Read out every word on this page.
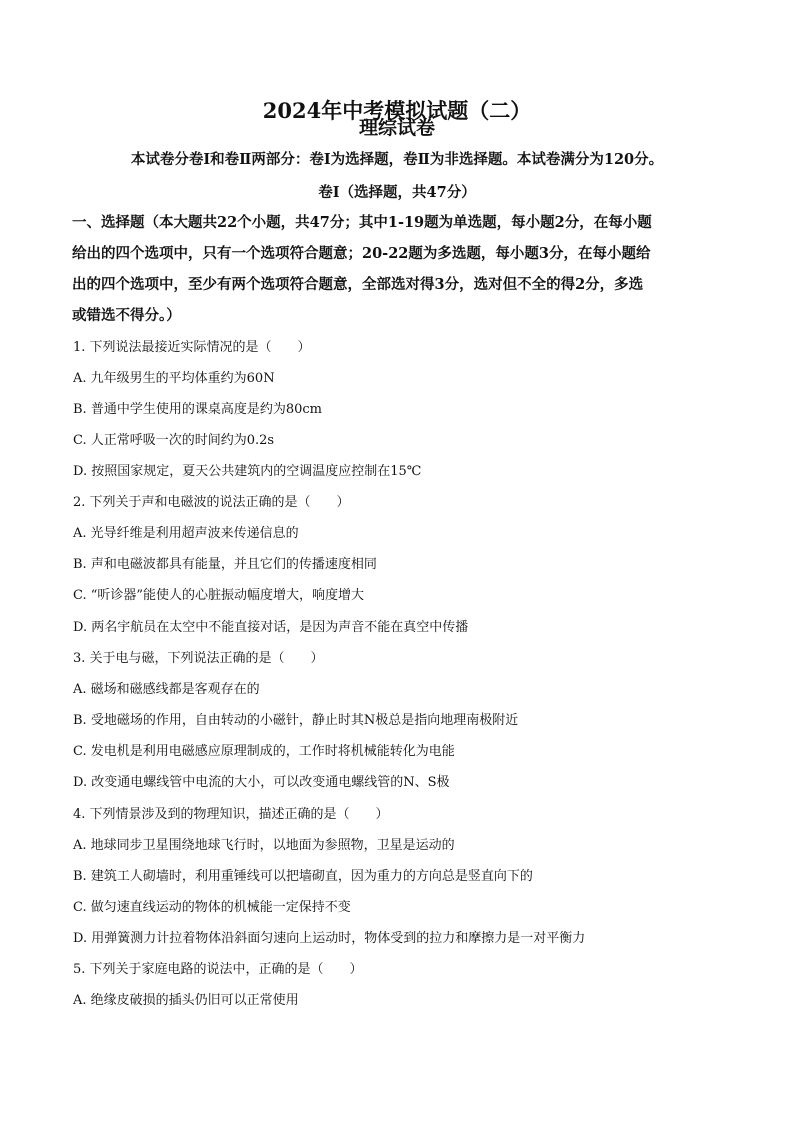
2024年中考模拟试题（二）
理综试卷
本试卷分卷Ⅰ和卷Ⅱ两部分：卷Ⅰ为选择题，卷Ⅱ为非选择题。本试卷满分为120分。
卷Ⅰ（选择题，共47分）
一、选择题（本大题共22个小题，共47分；其中1-19题为单选题，每小题2分，在每小题
给出的四个选项中，只有一个选项符合题意；20-22题为多选题，每小题3分，在每小题给
出的四个选项中，至少有两个选项符合题意，全部选对得3分，选对但不全的得2分，多选
或错选不得分。）
1. 下列说法最接近实际情况的是（　　）
A. 九年级男生的平均体重约为60N
B. 普通中学生使用的课桌高度是约为80cm
C. 人正常呼吸一次的时间约为0.2s
D. 按照国家规定，夏天公共建筑内的空调温度应控制在15℃
2. 下列关于声和电磁波的说法正确的是（　　）
A. 光导纤维是利用超声波来传递信息的
B. 声和电磁波都具有能量，并且它们的传播速度相同
C. “听诊器”能使人的心脏振动幅度增大，响度增大
D. 两名宇航员在太空中不能直接对话，是因为声音不能在真空中传播
3. 关于电与磁，下列说法正确的是（　　）
A. 磁场和磁感线都是客观存在的
B. 受地磁场的作用，自由转动的小磁针，静止时其N极总是指向地理南极附近
C. 发电机是利用电磁感应原理制成的，工作时将机械能转化为电能
D. 改变通电螺线管中电流的大小，可以改变通电螺线管的N、S极
4. 下列情景涉及到的物理知识，描述正确的是（　　）
A. 地球同步卫星围绕地球飞行时，以地面为参照物，卫星是运动的
B. 建筑工人砌墙时，利用重锤线可以把墙砌直，因为重力的方向总是竖直向下的
C. 做匀速直线运动的物体的机械能一定保持不变
D. 用弹簧测力计拉着物体沿斜面匀速向上运动时，物体受到的拉力和摩擦力是一对平衡力
5. 下列关于家庭电路的说法中，正确的是（　　）
A. 绝缘皮破损的插头仍旧可以正常使用
